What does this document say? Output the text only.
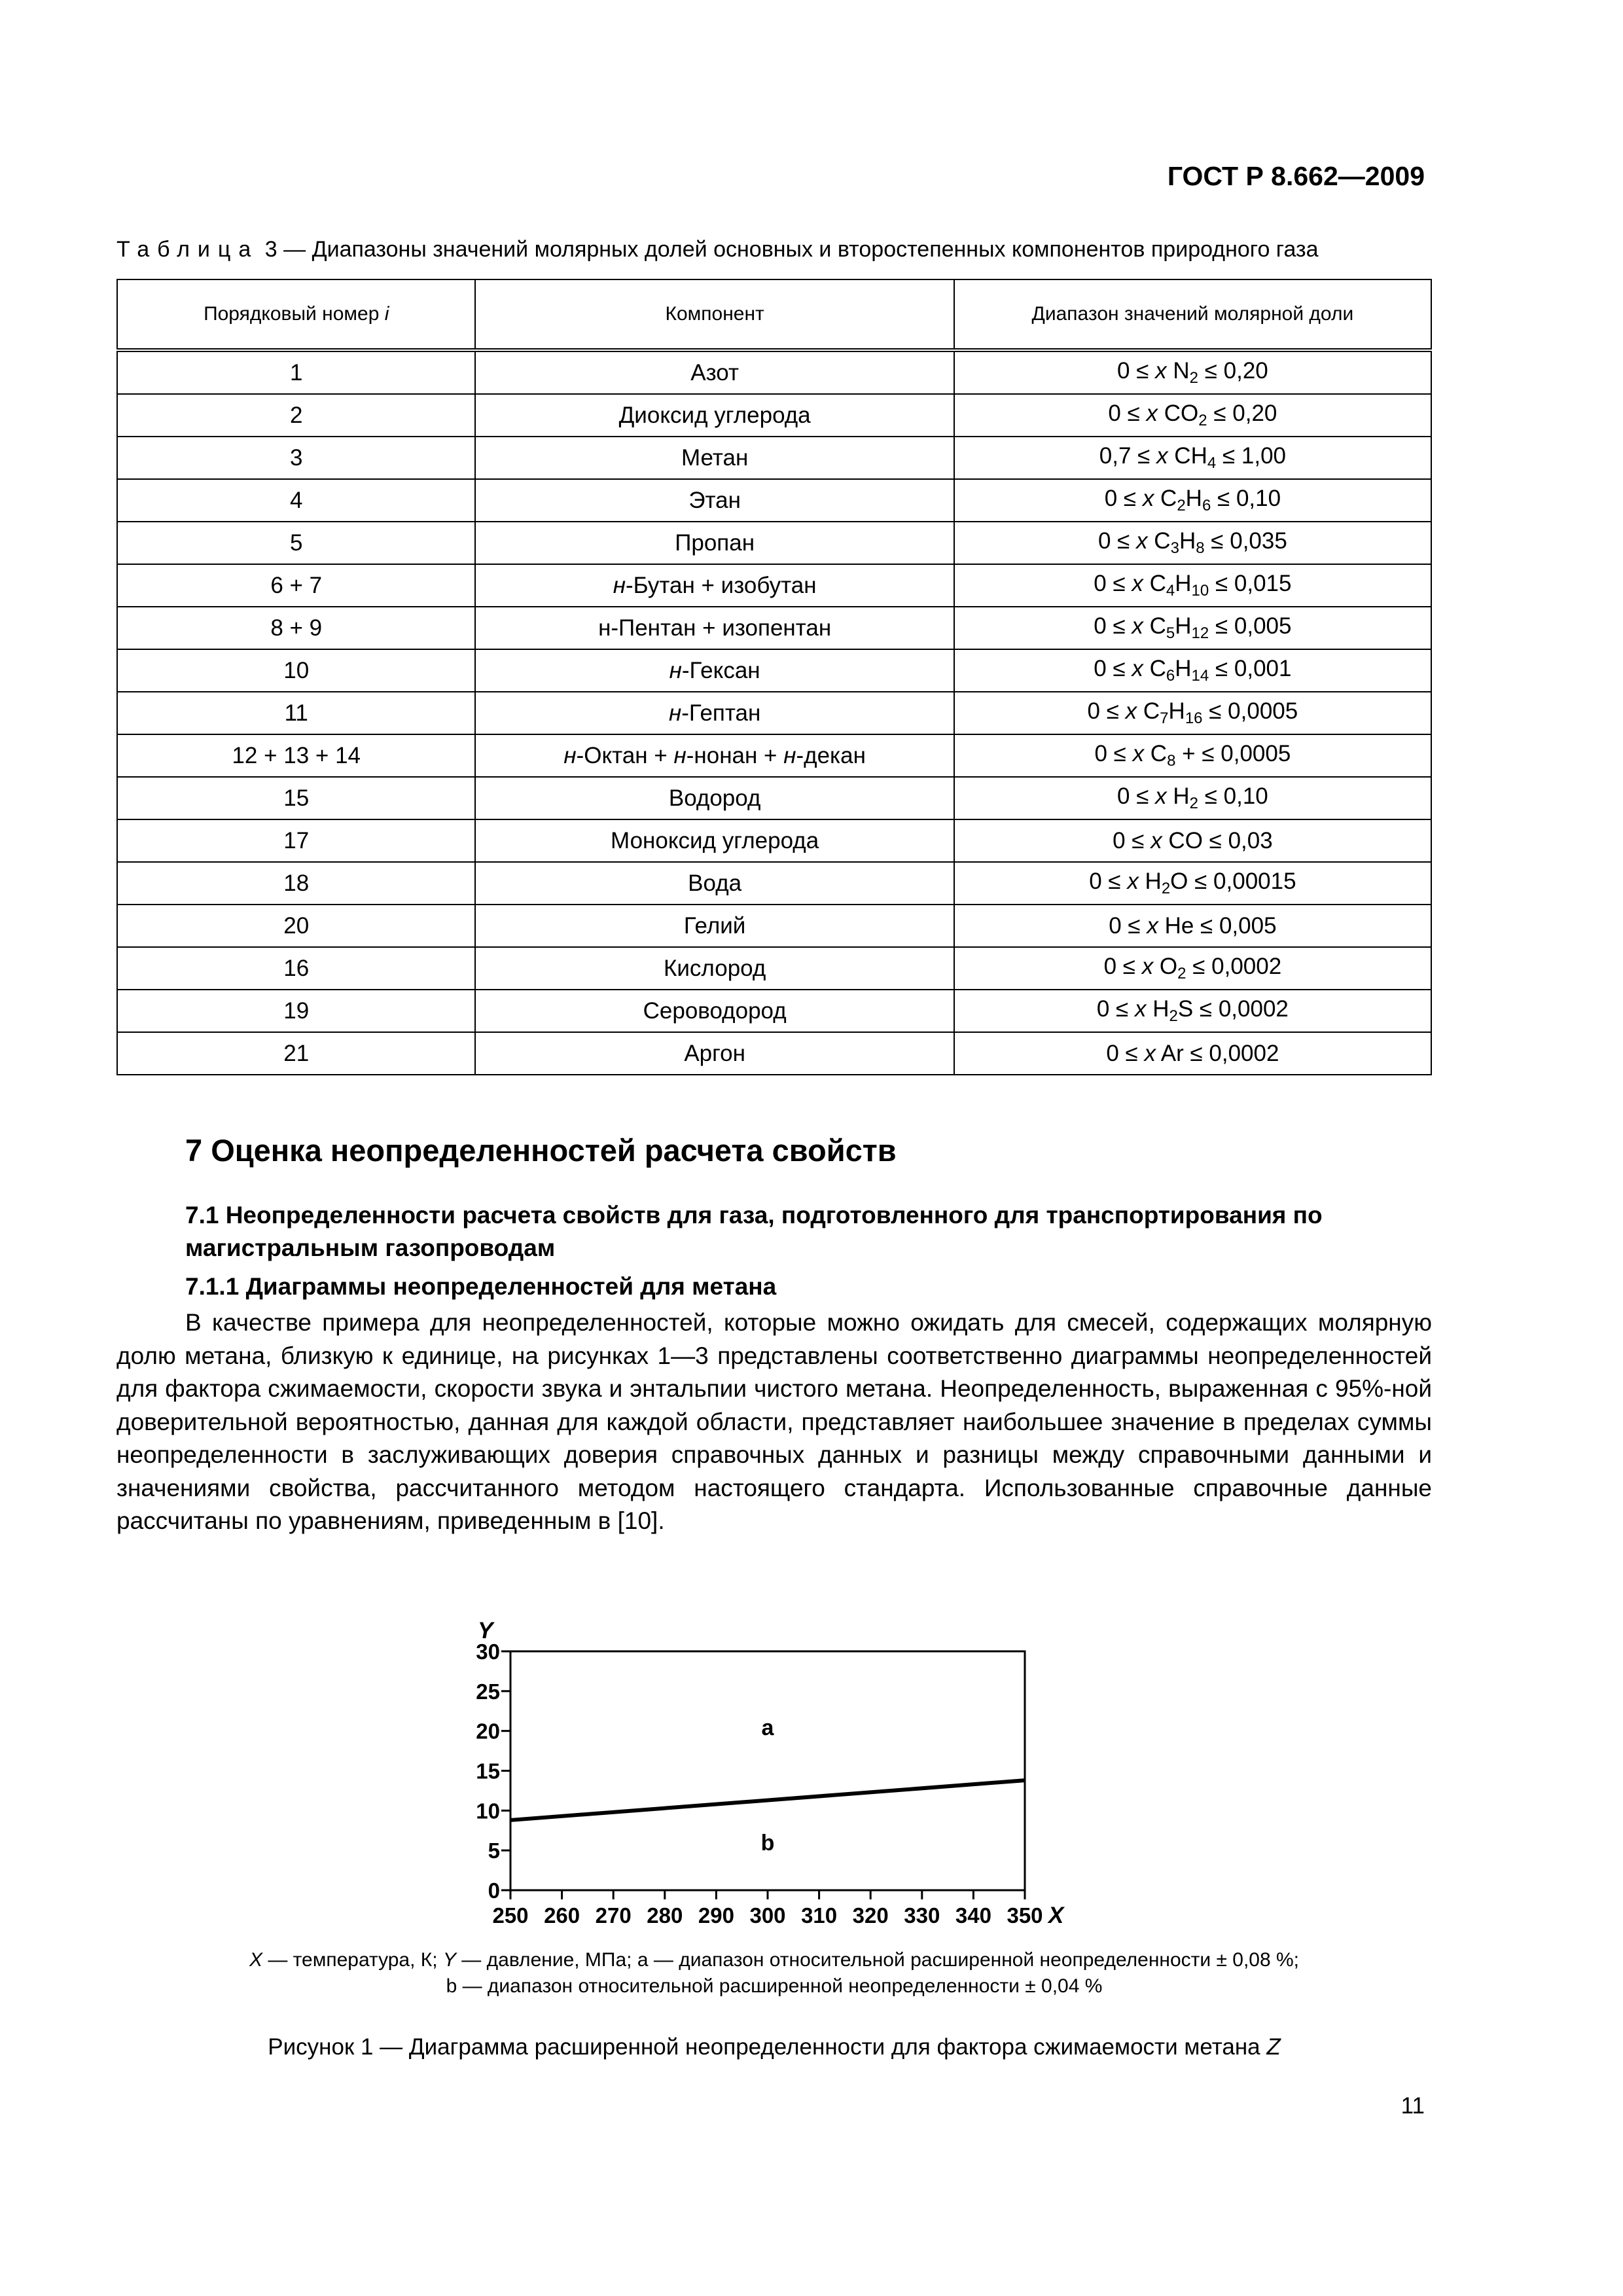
ГОСТ Р 8.662—2009
Таблица 3 — Диапазоны значений молярных долей основных и второстепенных компонентов природного газа
Порядковый номер i	Компонент	Диапазон значений молярной доли
1	Азот	0 ≤ x $N_2 \le 0,20$
2	Диоксид углерода	0 ≤ x $CO_2 \le 0,20$
3	Метан	0,7 ≤ x $CH_4 \le 1,00$
4	Этан	0 ≤ x $C_2H_6 \le 0,10$
5	Пропан	0 ≤ x $C_3H_8 \le 0,035$
6 + 7	н-Бутан + изобутан	0 ≤ x $C_4H_{10} \le 0,015$
8 + 9	н-Пентан + изопентан	0 ≤ x $C_5H_{12} \le 0,005$
10	н-Гексан	0 ≤ x $C_6H_{14} \le 0,001$
11	н-Гептан	0 ≤ x $C_7H_{16} \le 0,0005$
12 + 13 + 14	н-Октан + н-нонан + н-декан	0 ≤ x $C_8$ + ≤ 0,0005
15	Водород	0 ≤ x $H_2 \le 0,10$
17	Моноксид углерода	0 ≤ x CO ≤ 0,03
18	Вода	0 ≤ x $H_2O \le 0,00015$
20	Гелий	0 ≤ x He ≤ 0,005
16	Кислород	0 ≤ x $O_2 \le 0,0002$
19	Сероводород	0 ≤ x $H_2S \le 0,0002$
21	Аргон	0 ≤ x Ar ≤ 0,0002
7 Оценка неопределенностей расчета свойств
7.1 Неопределенности расчета свойств для газа, подготовленного для транспортирования по магистральным газопроводам
7.1.1 Диаграммы неопределенностей для метана
В качестве примера для неопределенностей, которые можно ожидать для смесей, содержащих молярную долю метана, близкую к единице, на рисунках 1—3 представлены соответственно диаграммы неопределенностей для фактора сжимаемости, скорости звука и энтальпии чистого метана. Неопределенность, выраженная с 95%-ной доверительной вероятностью, данная для каждой области, представляет наибольшее значение в пределах суммы неопределенности в заслуживающих доверия справочных данных и разницы между справочными данными и значениями свойства, рассчитанного методом настоящего стандарта. Использованные справочные данные рассчитаны по уравнениям, приведенным в [10].
0
5
10
15
20
25
30
250 260 270 280 290 300 310 320 330 340 350
Y
X
a
b
X — температура, К; Y — давление, МПа; a — диапазон относительной расширенной неопределенности ± 0,08 %;
b — диапазон относительной расширенной неопределенности ± 0,04 %
Рисунок 1 — Диаграмма расширенной неопределенности для фактора сжимаемости метана Z
11
